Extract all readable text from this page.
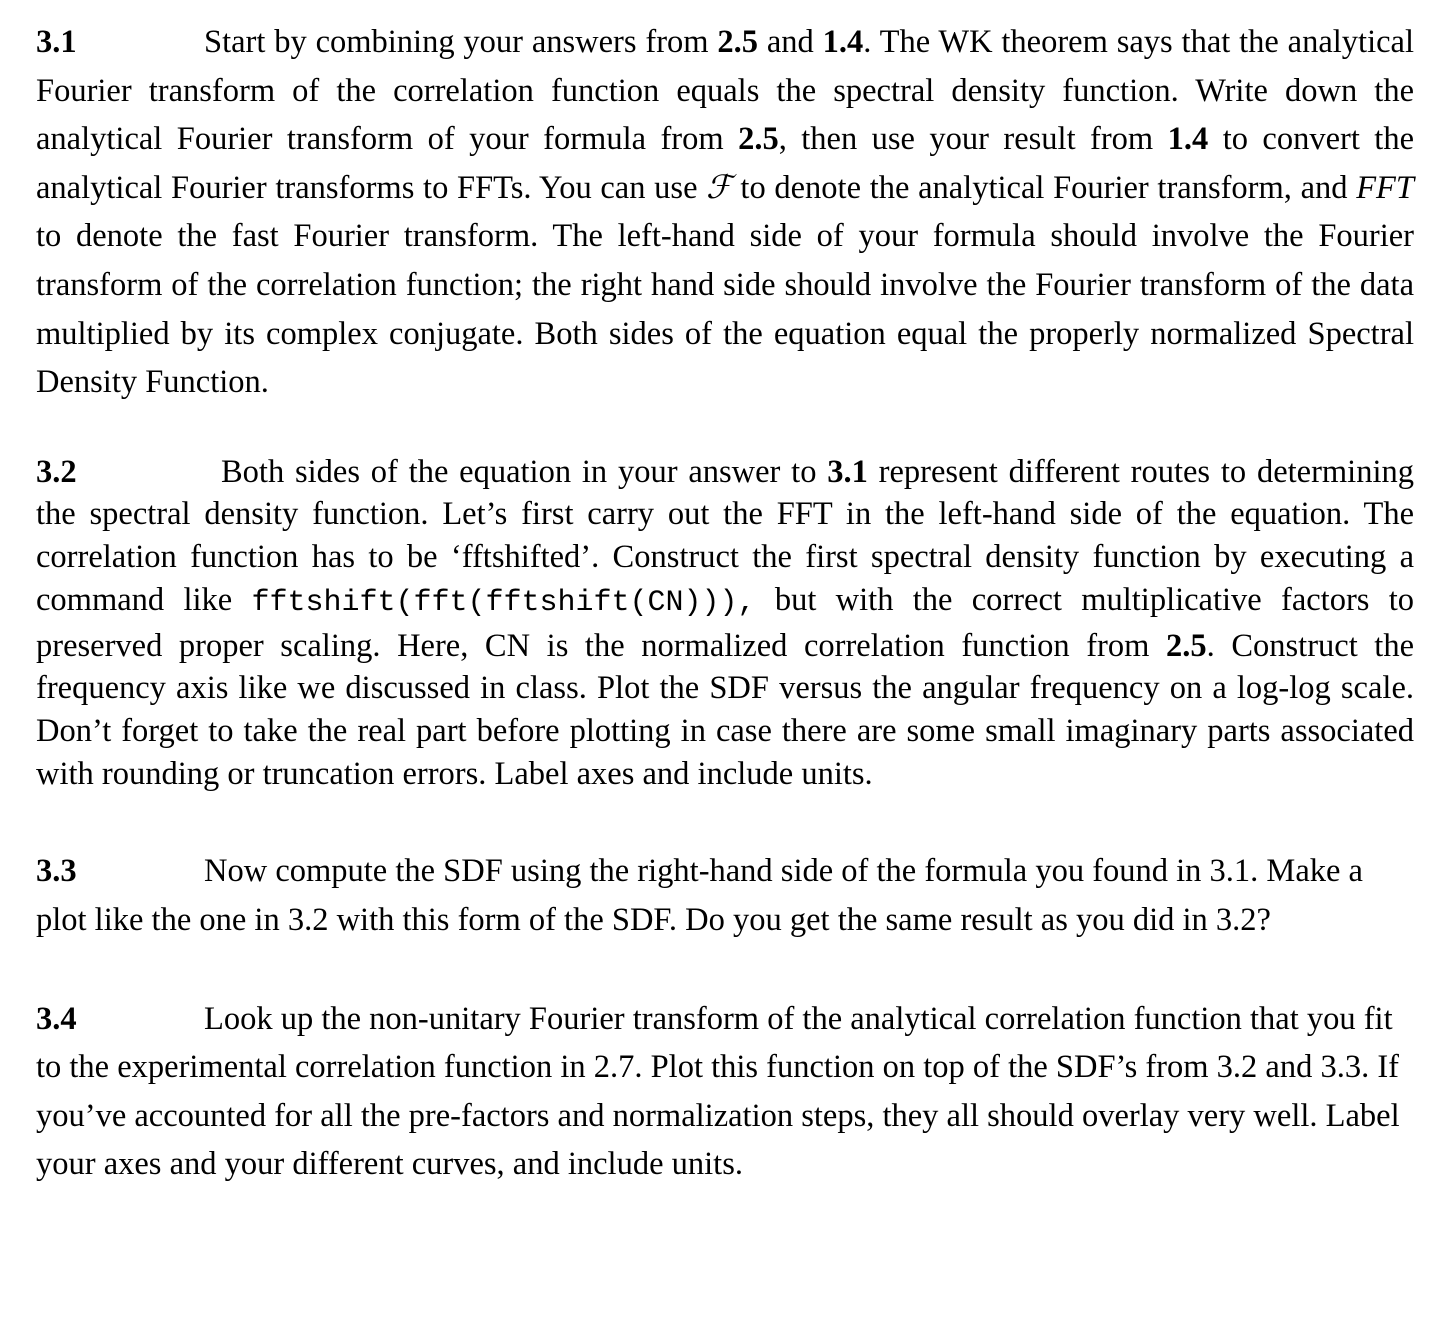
3.1	Start by combining your answers from 2.5 and 1.4. The WK theorem says that the analytical Fourier transform of the correlation function equals the spectral density function. Write down the analytical Fourier transform of your formula from 2.5, then use your result from 1.4 to convert the analytical Fourier transforms to FFTs. You can use ℱ to denote the analytical Fourier transform, and FFT to denote the fast Fourier transform. The left-hand side of your formula should involve the Fourier transform of the correlation function; the right hand side should involve the Fourier transform of the data multiplied by its complex conjugate. Both sides of the equation equal the properly normalized Spectral Density Function.

3.2	Both sides of the equation in your answer to 3.1 represent different routes to determining the spectral density function. Let’s first carry out the FFT in the left-hand side of the equation. The correlation function has to be ‘fftshifted’. Construct the first spectral density function by executing a command like fftshift(fft(fftshift(CN))), but with the correct multiplicative factors to preserved proper scaling. Here, CN is the normalized correlation function from 2.5. Construct the frequency axis like we discussed in class. Plot the SDF versus the angular frequency on a log-log scale. Don’t forget to take the real part before plotting in case there are some small imaginary parts associated with rounding or truncation errors. Label axes and include units.

3.3	Now compute the SDF using the right-hand side of the formula you found in 3.1. Make a plot like the one in 3.2 with this form of the SDF. Do you get the same result as you did in 3.2?

3.4	Look up the non-unitary Fourier transform of the analytical correlation function that you fit to the experimental correlation function in 2.7. Plot this function on top of the SDF’s from 3.2 and 3.3. If you’ve accounted for all the pre-factors and normalization steps, they all should overlay very well. Label your axes and your different curves, and include units.
